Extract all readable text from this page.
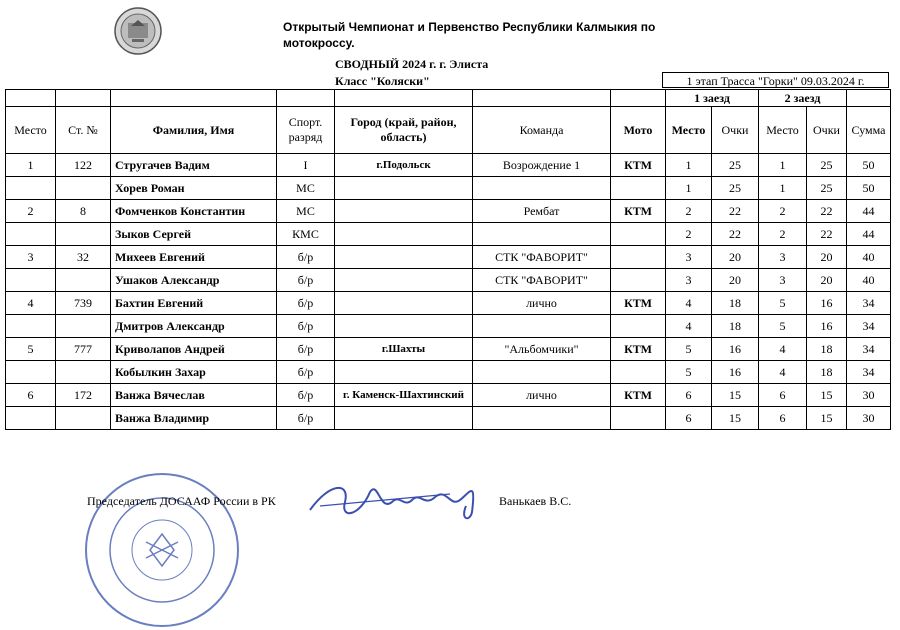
Открытый Чемпионат и Первенство Республики Калмыкия по мотокроссу.
СВОДНЫЙ 2024 г. г. Элиста
Класс "Коляски"	1 этап Трасса "Горки" 09.03.2024 г.
							1 заезд		2 заезд		
Место	Ст. №	Фамилия, Имя	Спорт. разряд	Город (край, район, область)	Команда	Мото	Место	Очки	Место	Очки	Сумма
1	122	Стругачев Вадим	I	г.Подольск	Возрождение 1	КТМ	1	25	1	25	50
		Хорев Роман	МС				1	25	1	25	50
2	8	Фомченков Константин	МС		Рембат	КТМ	2	22	2	22	44
		Зыков Сергей	КМС				2	22	2	22	44
3	32	Михеев Евгений	б/р		СТК "ФАВОРИТ"		3	20	3	20	40
		Ушаков Александр	б/р		СТК "ФАВОРИТ"		3	20	3	20	40
4	739	Бахтин Евгений	б/р		лично	КТМ	4	18	5	16	34
		Дмитров Александр	б/р				4	18	5	16	34
5	777	Криволапов Андрей	б/р	г.Шахты	"Альбомчики"	КТМ	5	16	4	18	34
		Кобылкин Захар	б/р				5	16	4	18	34
6	172	Ванжа Вячеслав	б/р	г. Каменск-Шахтинский	лично	КТМ	6	15	6	15	30
		Ванжа Владимир	б/р				6	15	6	15	30
Председатель ДОСААФ России в РК	Ванькаев В.С.
